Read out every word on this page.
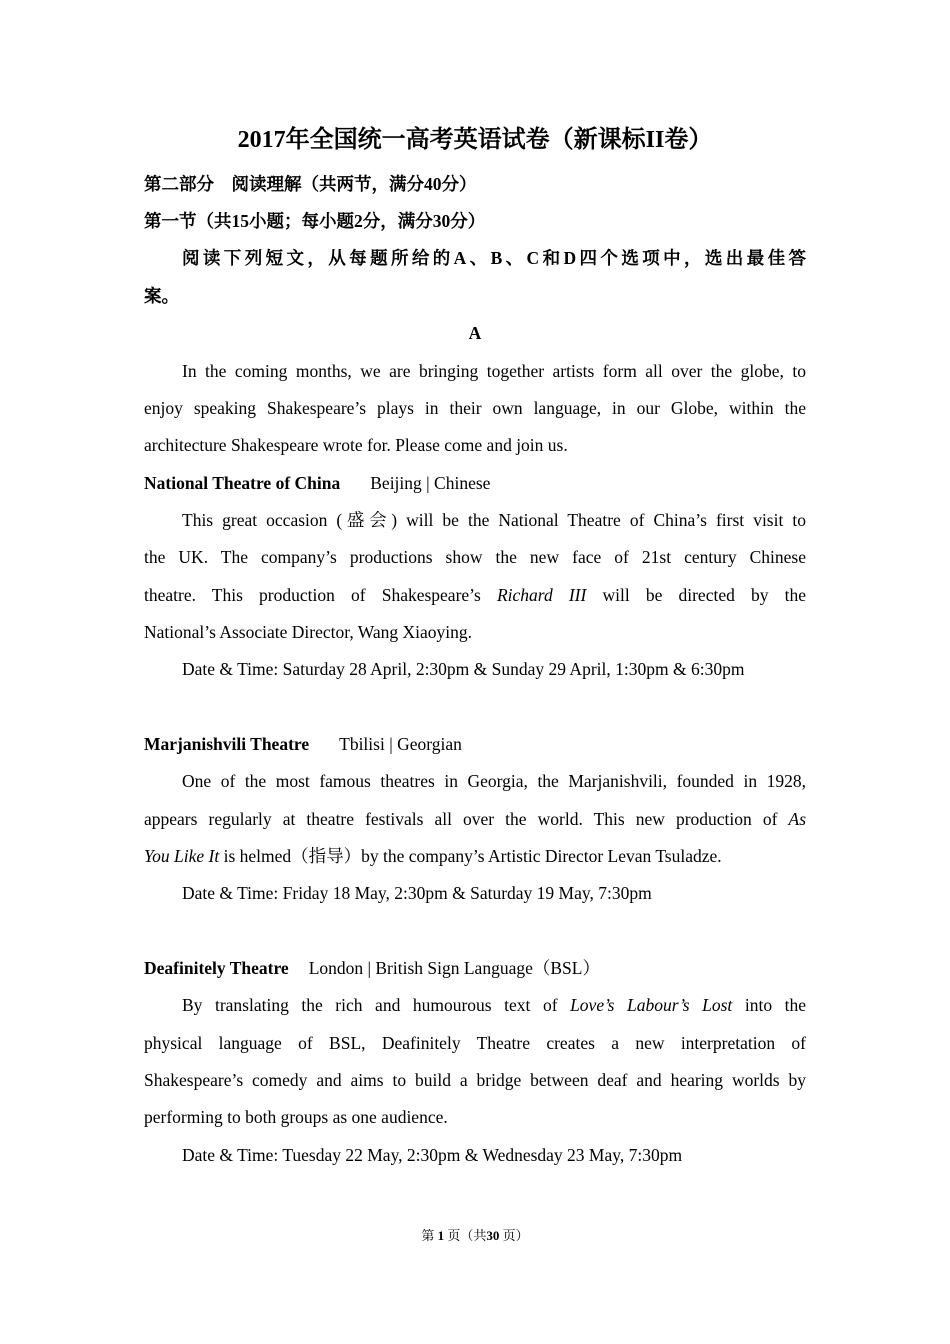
2017年全国统一高考英语试卷（新课标II卷）
第二部分　阅读理解（共两节，满分40分）
第一节（共15小题；每小题2分，满分30分）
阅读下列短文，从每题所给的A、B、C和D四个选项中，选出最佳答
案。
A
In the coming months, we are bringing together artists form all over the globe, to
enjoy speaking Shakespeare’s plays in their own language, in our Globe, within the
architecture Shakespeare wrote for. Please come and join us.
National Theatre of China Beijing | Chinese
This great occasion (盛会) will be the National Theatre of China’s first visit to
the UK. The company’s productions show the new face of 21st century Chinese
theatre. This production of Shakespeare’s Richard III will be directed by the
National’s Associate Director, Wang Xiaoying.
Date & Time: Saturday 28 April, 2:30pm & Sunday 29 April, 1:30pm & 6:30pm
Marjanishvili Theatre Tbilisi | Georgian
One of the most famous theatres in Georgia, the Marjanishvili, founded in 1928,
appears regularly at theatre festivals all over the world. This new production of As
You Like It is helmed（指导）by the company’s Artistic Director Levan Tsuladze.
Date & Time: Friday 18 May, 2:30pm & Saturday 19 May, 7:30pm
Deafinitely Theatre London | British Sign Language（BSL）
By translating the rich and humourous text of Love’s Labour’s Lost into the
physical language of BSL, Deafinitely Theatre creates a new interpretation of
Shakespeare’s comedy and aims to build a bridge between deaf and hearing worlds by
performing to both groups as one audience.
Date & Time: Tuesday 22 May, 2:30pm & Wednesday 23 May, 7:30pm
第 1 页（共30 页）
